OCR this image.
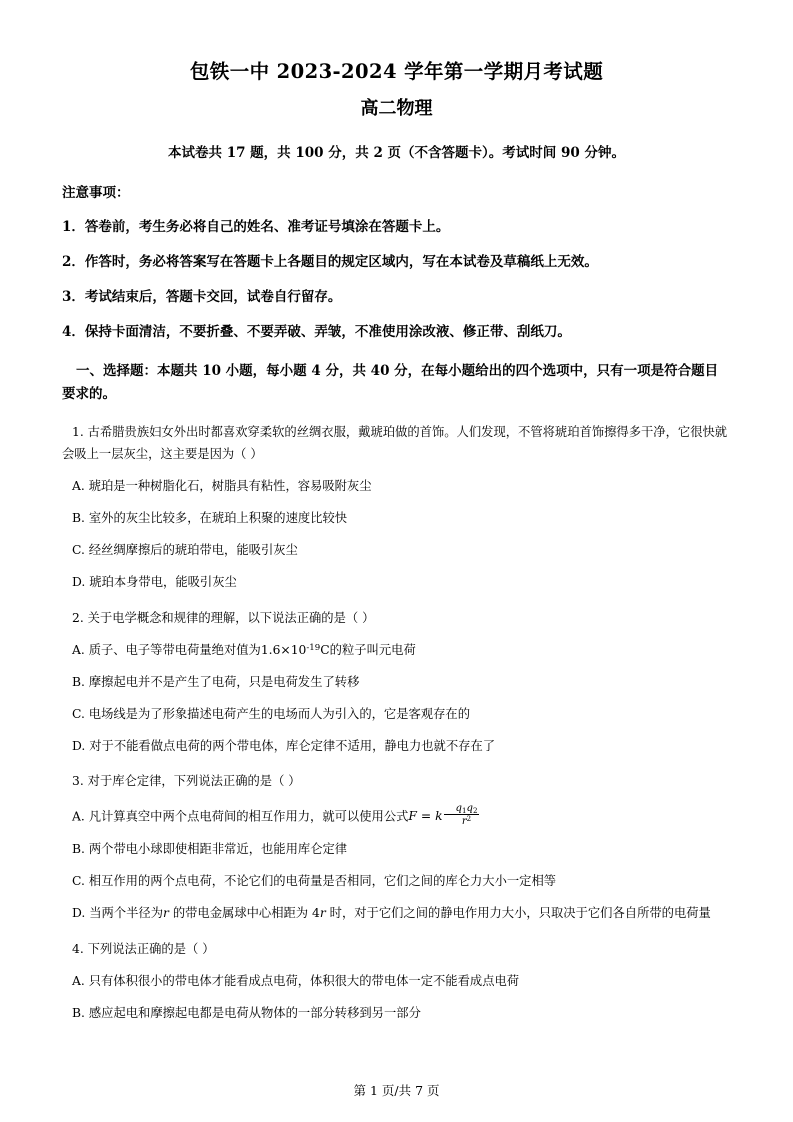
包铁一中 2023-2024 学年第一学期月考试题
高二物理

本试卷共 17 题，共 100 分，共 2 页（不含答题卡）。考试时间 90 分钟。

注意事项：

1．答卷前，考生务必将自己的姓名、准考证号填涂在答题卡上。

2．作答时，务必将答案写在答题卡上各题目的规定区域内，写在本试卷及草稿纸上无效。

3．考试结束后，答题卡交回，试卷自行留存。

4．保持卡面清洁，不要折叠、不要弄破、弄皱，不准使用涂改液、修正带、刮纸刀。

一、选择题：本题共 10 小题，每小题 4 分，共 40 分，在每小题给出的四个选项中，只有一项是符合题目要求的。

1. 古希腊贵族妇女外出时都喜欢穿柔软的丝绸衣服，戴琥珀做的首饰。人们发现，不管将琥珀首饰擦得多干净，它很快就会吸上一层灰尘，这主要是因为（ ）

A. 琥珀是一种树脂化石，树脂具有粘性，容易吸附灰尘

B. 室外的灰尘比较多，在琥珀上积聚的速度比较快

C. 经丝绸摩擦后的琥珀带电，能吸引灰尘

D. 琥珀本身带电，能吸引灰尘

2. 关于电学概念和规律的理解，以下说法正确的是（ ）

A. 质子、电子等带电荷量绝对值为$1.6\times 10^{-19}C$的粒子叫元电荷

B. 摩擦起电并不是产生了电荷，只是电荷发生了转移

C. 电场线是为了形象描述电荷产生的电场而人为引入的，它是客观存在的

D. 对于不能看做点电荷的两个带电体，库仑定律不适用，静电力也就不存在了

3. 对于库仑定律，下列说法正确的是（ ）

A. 凡计算真空中两个点电荷间的相互作用力，就可以使用公式F = k $\frac{q_1q_2}{r^2}$

B. 两个带电小球即使相距非常近，也能用库仑定律

C. 相互作用的两个点电荷，不论它们的电荷量是否相同，它们之间的库仑力大小一定相等

D. 当两个半径为r 的带电金属球中心相距为 4r 时，对于它们之间的静电作用力大小，只取决于它们各自所带的电荷量

4. 下列说法正确的是（ ）

A. 只有体积很小的带电体才能看成点电荷，体积很大的带电体一定不能看成点电荷

B. 感应起电和摩擦起电都是电荷从物体的一部分转移到另一部分

第 1 页/共 7 页
